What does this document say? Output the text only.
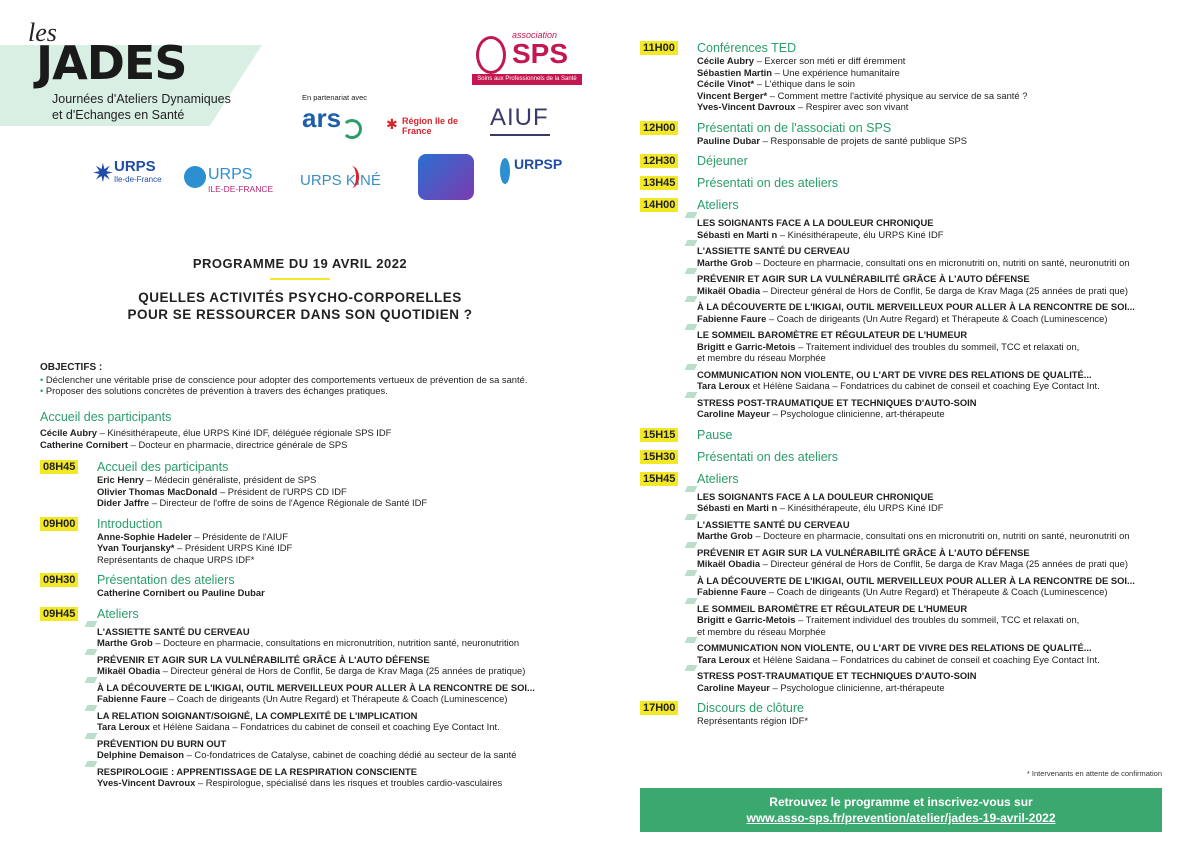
les
JADES
Journées d'Ateliers Dynamiques
et d'Echanges en Santé
association
SPS
Soins aux Professionnels de la Santé
En partenariat avec
ars	✱ Région Ile de France	AIUF
✷ URPS
Ile-de-France	URPS
ILE-DE-FRANCE URPS KINÉ
URPSP
PROGRAMME DU 19 AVRIL 2022
QUELLES ACTIVITÉS PSYCHO-CORPORELLES
POUR SE RESSOURCER DANS SON QUOTIDIEN ?
OBJECTIFS :
• Déclencher une véritable prise de conscience pour adopter des comportements vertueux de prévention de sa santé.
• Proposer des solutions concrètes de prévention à travers des échanges pratiques.
Accueil des participants
Cécile Aubry – Kinésithérapeute, élue URPS Kiné IDF, déléguée régionale SPS IDF
Catherine Cornibert – Docteur en pharmacie, directrice générale de SPS
08H45 Accueil des participants
Eric Henry – Médecin généraliste, président de SPS
Olivier Thomas MacDonald – Président de l'URPS CD IDF
Dider Jaffre – Directeur de l'offre de soins de l'Agence Régionale de Santé IDF
09H00 Introduction
Anne-Sophie Hadeler – Présidente de l'AIUF
Yvan Tourjansky* – Président URPS Kiné IDF
Représentants de chaque URPS IDF*
09H30 Présentation des ateliers
Catherine Cornibert ou Pauline Dubar
09H45 Ateliers
L'ASSIETTE SANTÉ DU CERVEAU
Marthe Grob – Docteure en pharmacie, consultations en micronutrition, nutrition santé, neuronutrition
PRÉVENIR ET AGIR SUR LA VULNÉRABILITÉ GRÂCE À L'AUTO DÉFENSE
Mikaël Obadia – Directeur général de Hors de Conflit, 5e darga de Krav Maga (25 années de pratique)
À LA DÉCOUVERTE DE L'IKIGAI, OUTIL MERVEILLEUX POUR ALLER À LA RENCONTRE DE SOI...
Fabienne Faure – Coach de dirigeants (Un Autre Regard) et Thérapeute & Coach (Luminescence)
LA RELATION SOIGNANT/SOIGNÉ, LA COMPLEXITÉ DE L'IMPLICATION
Tara Leroux et Hélène Saidana – Fondatrices du cabinet de conseil et coaching Eye Contact Int.
PRÉVENTION DU BURN OUT
Delphine Demaison – Co-fondatrices de Catalyse, cabinet de coaching dédié au secteur de la santé
RESPIROLOGIE : APPRENTISSAGE DE LA RESPIRATION CONSCIENTE
Yves-Vincent Davroux – Respirologue, spécialisé dans les risques et troubles cardio-vasculaires
11H00 Conférences TED
Cécile Aubry – Exercer son méti er diff éremment
Sébastien Martin – Une expérience humanitaire
Cécile Vinot* – L'éthique dans le soin
Vincent Berger* – Comment mettre l'activité physique au service de sa santé ?
Yves-Vincent Davroux – Respirer avec son vivant
12H00 Présentati on de l'associati on SPS
Pauline Dubar – Responsable de projets de santé publique SPS
12H30 Déjeuner
13H45 Présentati on des ateliers
14H00 Ateliers
LES SOIGNANTS FACE A LA DOULEUR CHRONIQUE
Sébasti en Marti n – Kinésithérapeute, élu URPS Kiné IDF
L'ASSIETTE SANTÉ DU CERVEAU
Marthe Grob – Docteure en pharmacie, consultati ons en micronutriti on, nutriti on santé, neuronutriti on
PRÉVENIR ET AGIR SUR LA VULNÉRABILITÉ GRÂCE À L'AUTO DÉFENSE
Mikaël Obadia – Directeur général de Hors de Conflit, 5e darga de Krav Maga (25 années de prati que)
À LA DÉCOUVERTE DE L'IKIGAI, OUTIL MERVEILLEUX POUR ALLER À LA RENCONTRE DE SOI...
Fabienne Faure – Coach de dirigeants (Un Autre Regard) et Thérapeute & Coach (Luminescence)
LE SOMMEIL BAROMÈTRE ET RÉGULATEUR DE L'HUMEUR
Brigitt e Garric-Metois – Traitement individuel des troubles du sommeil, TCC et relaxati on,
et membre du réseau Morphée
COMMUNICATION NON VIOLENTE, OU L'ART DE VIVRE DES RELATIONS DE QUALITÉ...
Tara Leroux et Hélène Saidana – Fondatrices du cabinet de conseil et coaching Eye Contact Int.
STRESS POST-TRAUMATIQUE ET TECHNIQUES D'AUTO-SOIN
Caroline Mayeur – Psychologue clinicienne, art-thérapeute
15H15 Pause
15H30 Présentati on des ateliers
15H45 Ateliers
LES SOIGNANTS FACE A LA DOULEUR CHRONIQUE
Sébasti en Marti n – Kinésithérapeute, élu URPS Kiné IDF
L'ASSIETTE SANTÉ DU CERVEAU
Marthe Grob – Docteure en pharmacie, consultati ons en micronutriti on, nutriti on santé, neuronutriti on
PRÉVENIR ET AGIR SUR LA VULNÉRABILITÉ GRÂCE À L'AUTO DÉFENSE
Mikaël Obadia – Directeur général de Hors de Conflit, 5e darga de Krav Maga (25 années de prati que)
À LA DÉCOUVERTE DE L'IKIGAI, OUTIL MERVEILLEUX POUR ALLER À LA RENCONTRE DE SOI...
Fabienne Faure – Coach de dirigeants (Un Autre Regard) et Thérapeute & Coach (Luminescence)
LE SOMMEIL BAROMÈTRE ET RÉGULATEUR DE L'HUMEUR
Brigitt e Garric-Metois – Traitement individuel des troubles du sommeil, TCC et relaxati on,
et membre du réseau Morphée
COMMUNICATION NON VIOLENTE, OU L'ART DE VIVRE DES RELATIONS DE QUALITÉ...
Tara Leroux et Hélène Saidana – Fondatrices du cabinet de conseil et coaching Eye Contact Int.
STRESS POST-TRAUMATIQUE ET TECHNIQUES D'AUTO-SOIN
Caroline Mayeur – Psychologue clinicienne, art-thérapeute
17H00 Discours de clôture
Représentants région IDF*
* Intervenants en attente de confirmation
Retrouvez le programme et inscrivez-vous sur
www.asso-sps.fr/prevention/atelier/jades-19-avril-2022
